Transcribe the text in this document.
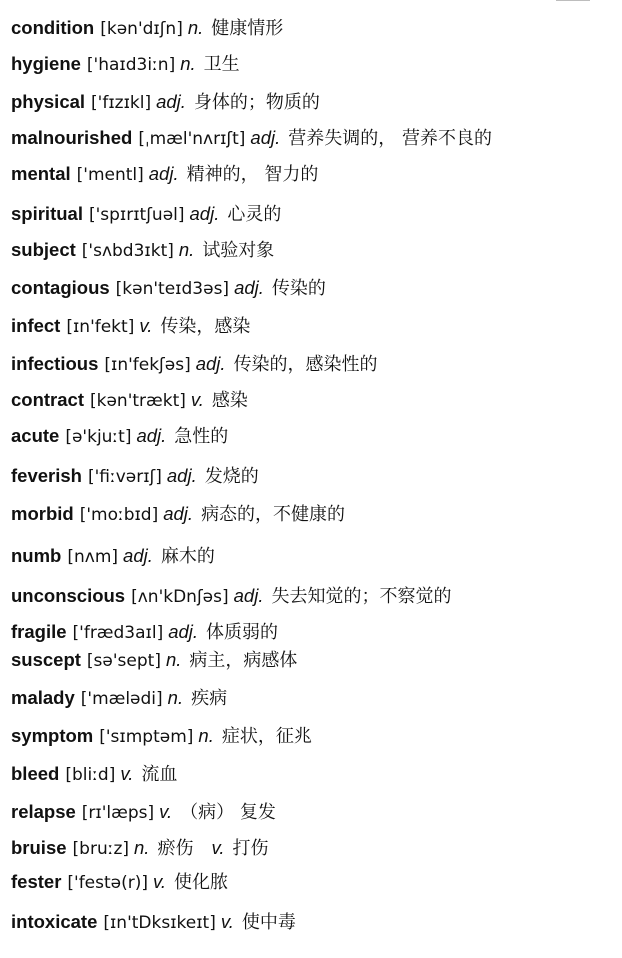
condition [kən'dɪʃn] n. 健康情形
hygiene ['haɪd3iːn] n. 卫生
physical ['fɪzɪkl] adj. 身体的；物质的
malnourished [ˌmæl'nʌrɪʃt] adj. 营养失调的， 营养不良的
mental ['mentl] adj. 精神的， 智力的
spiritual ['spɪrɪtʃuəl] adj. 心灵的
subject ['sʌbd3ɪkt] n. 试验对象
contagious [kən'teɪd3əs] adj. 传染的
infect [ɪn'fekt] v. 传染，感染
infectious [ɪn'fekʃəs] adj. 传染的，感染性的
contract [kən'trækt] v. 感染
acute [ə'kjuːt] adj. 急性的
feverish ['fiːvərɪʃ] adj. 发烧的
morbid ['moːbɪd] adj. 病态的，不健康的
numb [nʌm] adj. 麻木的
unconscious [ʌn'kDnʃəs] adj. 失去知觉的；不察觉的
fragile ['fræd3aɪl] adj. 体质弱的
suscept [sə'sept] n. 病主，病感体
malady ['mælədi] n. 疾病
symptom ['sɪmptəm] n. 症状，征兆
bleed [bliːd] v. 流血
relapse [rɪ'læps] v. （病） 复发
bruise [bruːz] n. 瘀伤 v. 打伤
fester ['festə(r)] v. 使化脓
intoxicate [ɪn'tDksɪkeɪt] v. 使中毒
